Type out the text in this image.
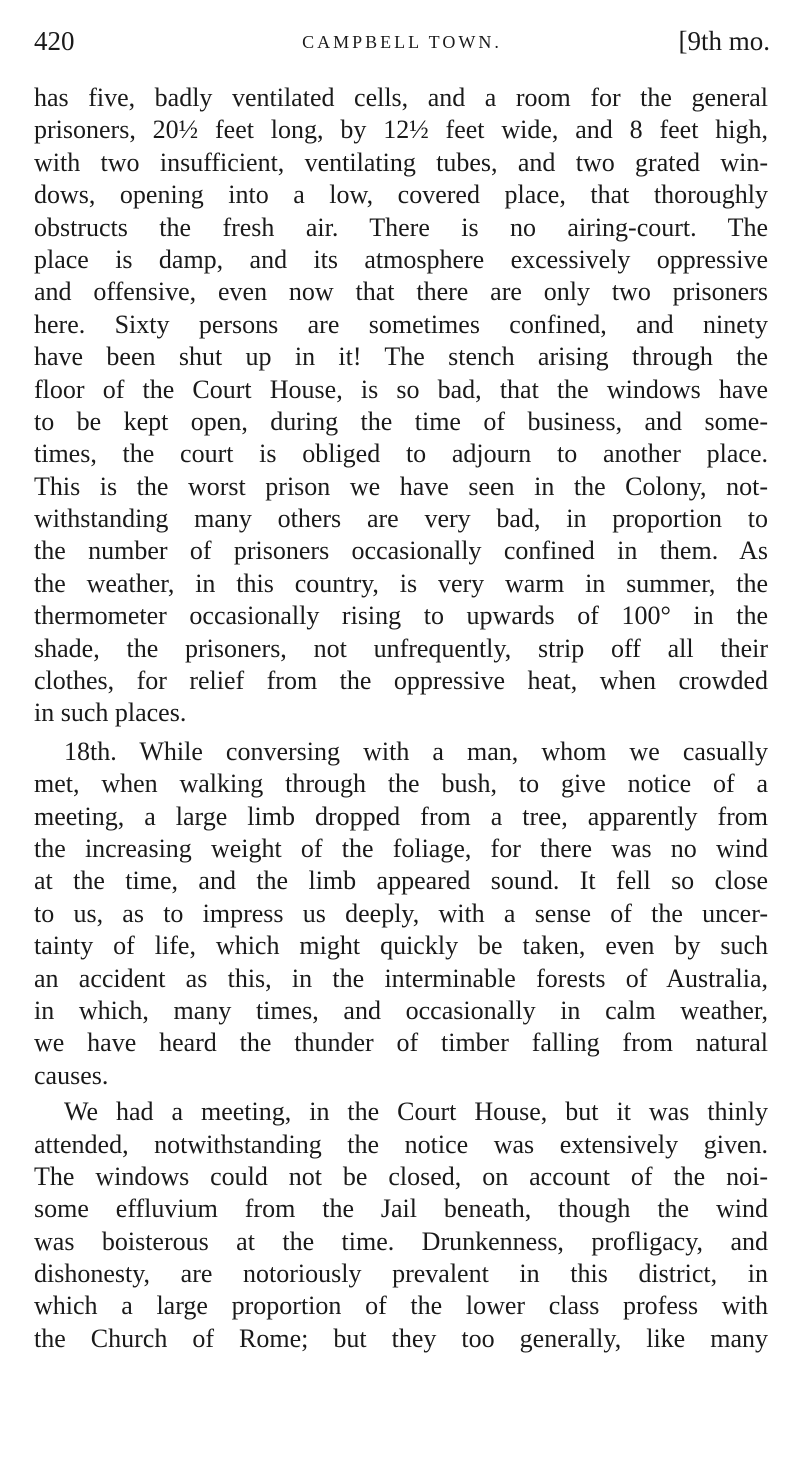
420	CAMPBELL TOWN.	[9th mo.
has five, badly ventilated cells, and a room for the general
prisoners, 20½ feet long, by 12½ feet wide, and 8 feet high,
with two insufficient, ventilating tubes, and two grated win-
dows, opening into a low, covered place, that thoroughly
obstructs the fresh air. There is no airing-court. The
place is damp, and its atmosphere excessively oppressive
and offensive, even now that there are only two prisoners
here. Sixty persons are sometimes confined, and ninety
have been shut up in it! The stench arising through the
floor of the Court House, is so bad, that the windows have
to be kept open, during the time of business, and some-
times, the court is obliged to adjourn to another place.
This is the worst prison we have seen in the Colony, not-
withstanding many others are very bad, in proportion to
the number of prisoners occasionally confined in them. As
the weather, in this country, is very warm in summer, the
thermometer occasionally rising to upwards of 100° in the
shade, the prisoners, not unfrequently, strip off all their
clothes, for relief from the oppressive heat, when crowded
in such places.
18th. While conversing with a man, whom we casually
met, when walking through the bush, to give notice of a
meeting, a large limb dropped from a tree, apparently from
the increasing weight of the foliage, for there was no wind
at the time, and the limb appeared sound. It fell so close
to us, as to impress us deeply, with a sense of the uncer-
tainty of life, which might quickly be taken, even by such
an accident as this, in the interminable forests of Australia,
in which, many times, and occasionally in calm weather,
we have heard the thunder of timber falling from natural
causes.
We had a meeting, in the Court House, but it was thinly
attended, notwithstanding the notice was extensively given.
The windows could not be closed, on account of the noi-
some effluvium from the Jail beneath, though the wind
was boisterous at the time. Drunkenness, profligacy, and
dishonesty, are notoriously prevalent in this district, in
which a large proportion of the lower class profess with
the Church of Rome; but they too generally, like many
